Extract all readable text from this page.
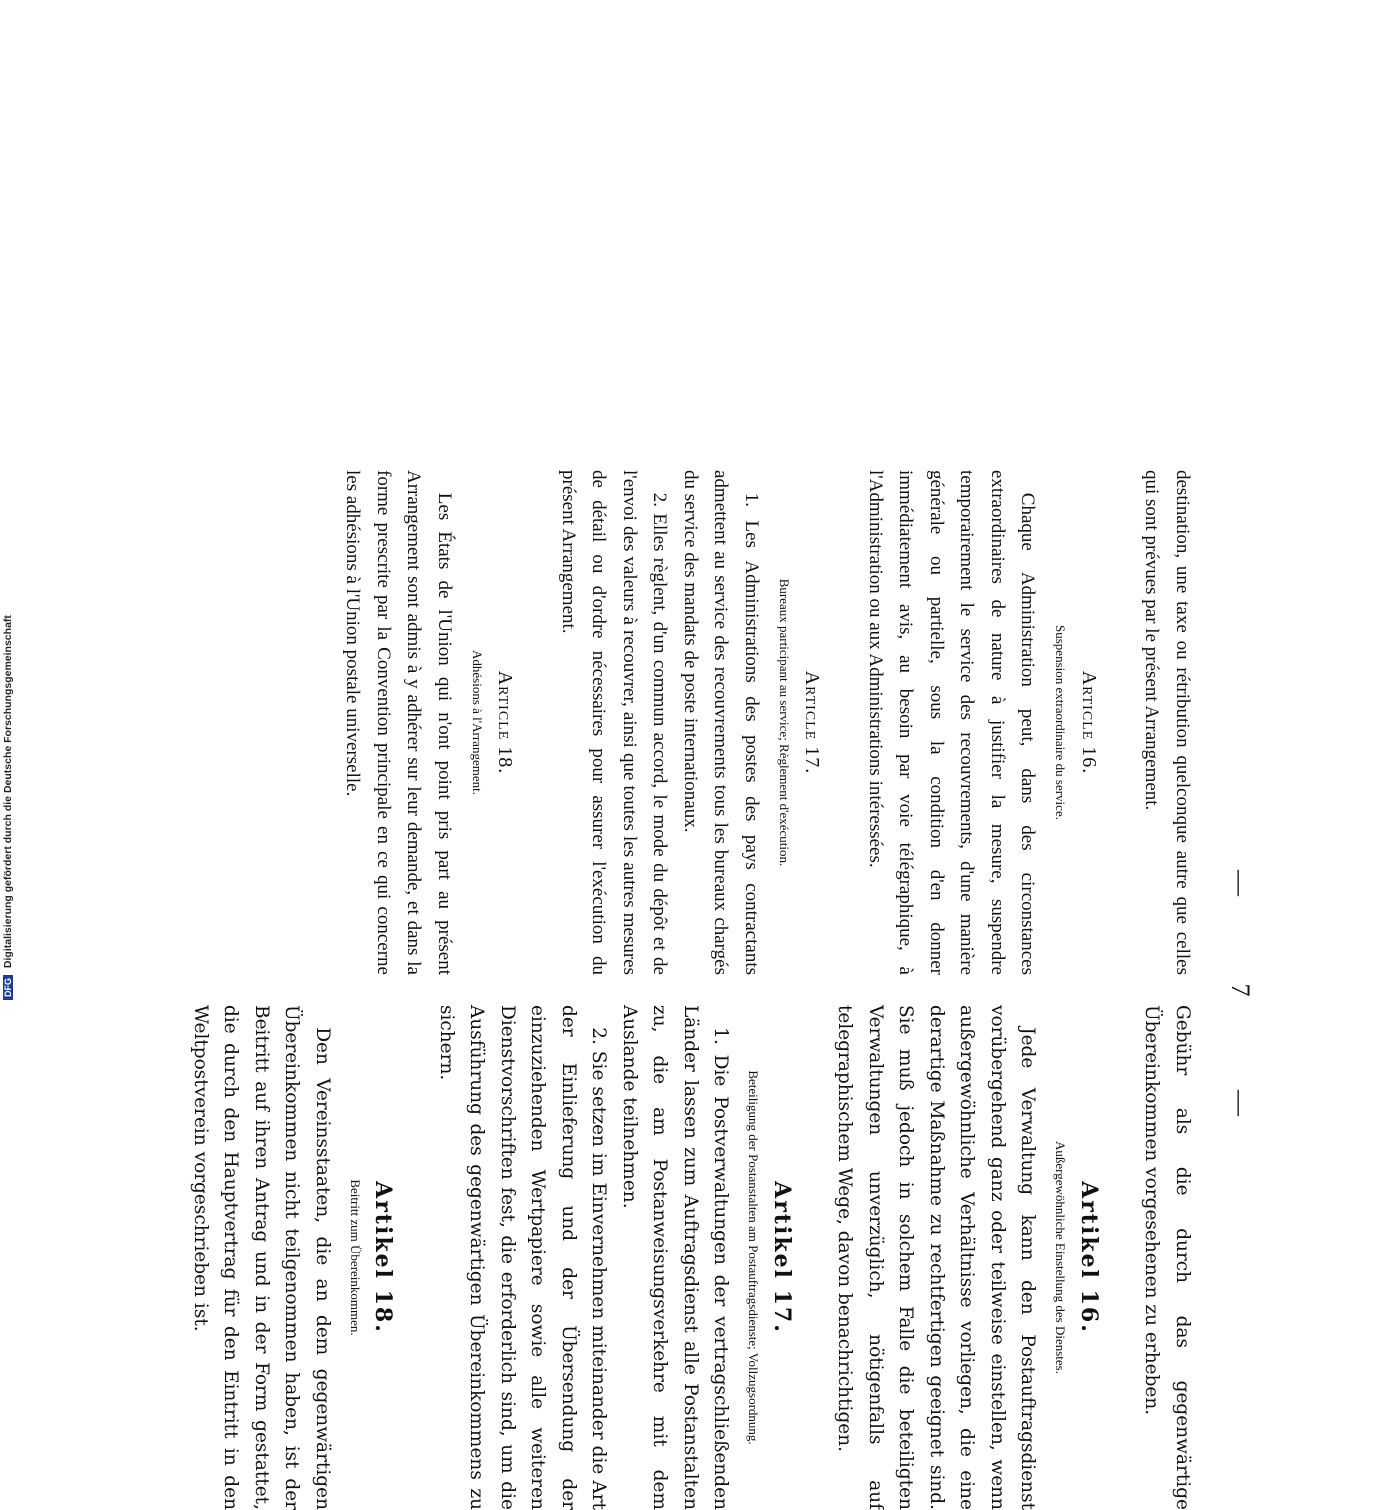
—
7
—

destination, une taxe ou rétribution quelconque autre que celles qui sont prévues par le présent Arrangement.

Article 16.
Suspension extraordinaire du service.

Chaque Administration peut, dans des circonstances extraordinaires de nature à justifier la mesure, suspendre temporairement le service des recouvrements, d'une manière générale ou partielle, sous la condition d'en donner immédiatement avis, au besoin par voie télégraphique, à l'Administration ou aux Administrations intéressées.

Article 17.
Bureaux participant au service; Règlement d'exécution.

1. Les Administrations des postes des pays contractants admettent au service des recouvrements tous les bureaux chargés du service des mandats de poste internationaux.

2. Elles règlent, d'un commun accord, le mode du dépôt et de l'envoi des valeurs à recouvrer, ainsi que toutes les autres mesures de détail ou d'ordre nécessaires pour assurer l'exécution du présent Arrangement.

Article 18.
Adhésions à l'Arrangement.

Les États de l'Union qui n'ont point pris part au présent Arrangement sont admis à y adhérer sur leur demande, et dans la forme prescrite par la Convention principale en ce qui concerne les adhésions à l'Union postale universelle.

Gebühr als die durch das gegenwärtige Übereinkommen vorgesehenen zu erheben.

Artikel 16.
Außergewöhnliche Einstellung des Dienstes.

Jede Verwaltung kann den Postauftragsdienst vorübergehend ganz oder teilweise einstellen, wenn außergewöhnliche Verhältnisse vorliegen, die eine derartige Maßnahme zu rechtfertigen geeignet sind. Sie muß jedoch in solchem Falle die beteiligten Verwaltungen unverzüglich, nötigenfalls auf telegraphischem Wege, davon benachrichtigen.

Artikel 17.
Beteiligung der Postanstalten am Postauftragsdienste; Vollzugsordnung.

1. Die Postverwaltungen der vertragschließenden Länder lassen zum Auftragsdienst alle Postanstalten zu, die am Postanweisungsverkehre mit dem Auslande teilnehmen.

2. Sie setzen im Einvernehmen miteinander die Art der Einlieferung und der Übersendung der einzuziehenden Wertpapiere sowie alle weiteren Dienstvorschriften fest, die erforderlich sind, um die Ausführung des gegenwärtigen Übereinkommens zu sichern.

Artikel 18.
Beitritt zum Übereinkommen.

Den Vereinsstaaten, die an dem gegenwärtigen Übereinkommen nicht teilgenommen haben, ist der Beitritt auf ihren Antrag und in der Form gestattet, die durch den Hauptvertrag für den Eintritt in den Weltpostverein vorgeschrieben ist.

DFG Digitalisierung gefördert durch die Deutsche Forschungsgemeinschaft
